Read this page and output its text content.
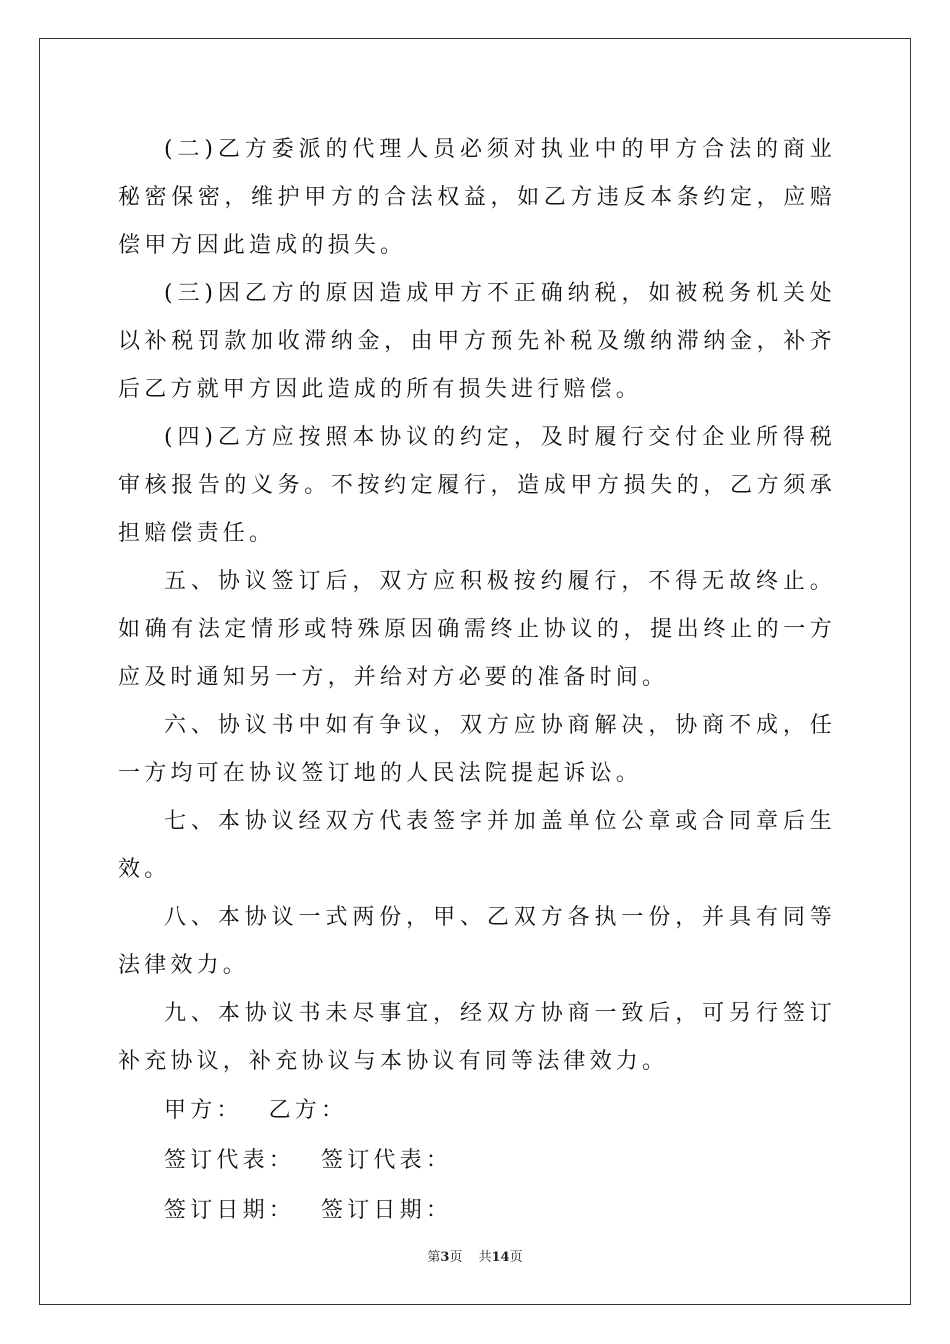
(二)乙方委派的代理人员必须对执业中的甲方合法的商业秘密保密，维护甲方的合法权益，如乙方违反本条约定，应赔偿甲方因此造成的损失。

(三)因乙方的原因造成甲方不正确纳税，如被税务机关处以补税罚款加收滞纳金，由甲方预先补税及缴纳滞纳金，补齐后乙方就甲方因此造成的所有损失进行赔偿。

(四)乙方应按照本协议的约定，及时履行交付企业所得税审核报告的义务。不按约定履行，造成甲方损失的，乙方须承担赔偿责任。

五、协议签订后，双方应积极按约履行，不得无故终止。如确有法定情形或特殊原因确需终止协议的，提出终止的一方应及时通知另一方，并给对方必要的准备时间。

六、协议书中如有争议，双方应协商解决，协商不成，任一方均可在协议签订地的人民法院提起诉讼。

七、本协议经双方代表签字并加盖单位公章或合同章后生效。

八、本协议一式两份，甲、乙双方各执一份，并具有同等法律效力。

九、本协议书未尽事宜，经双方协商一致后，可另行签订补充协议，补充协议与本协议有同等法律效力。

甲方： 乙方：
签订代表： 签订代表：
签订日期： 签订日期：
第3页 共14页
